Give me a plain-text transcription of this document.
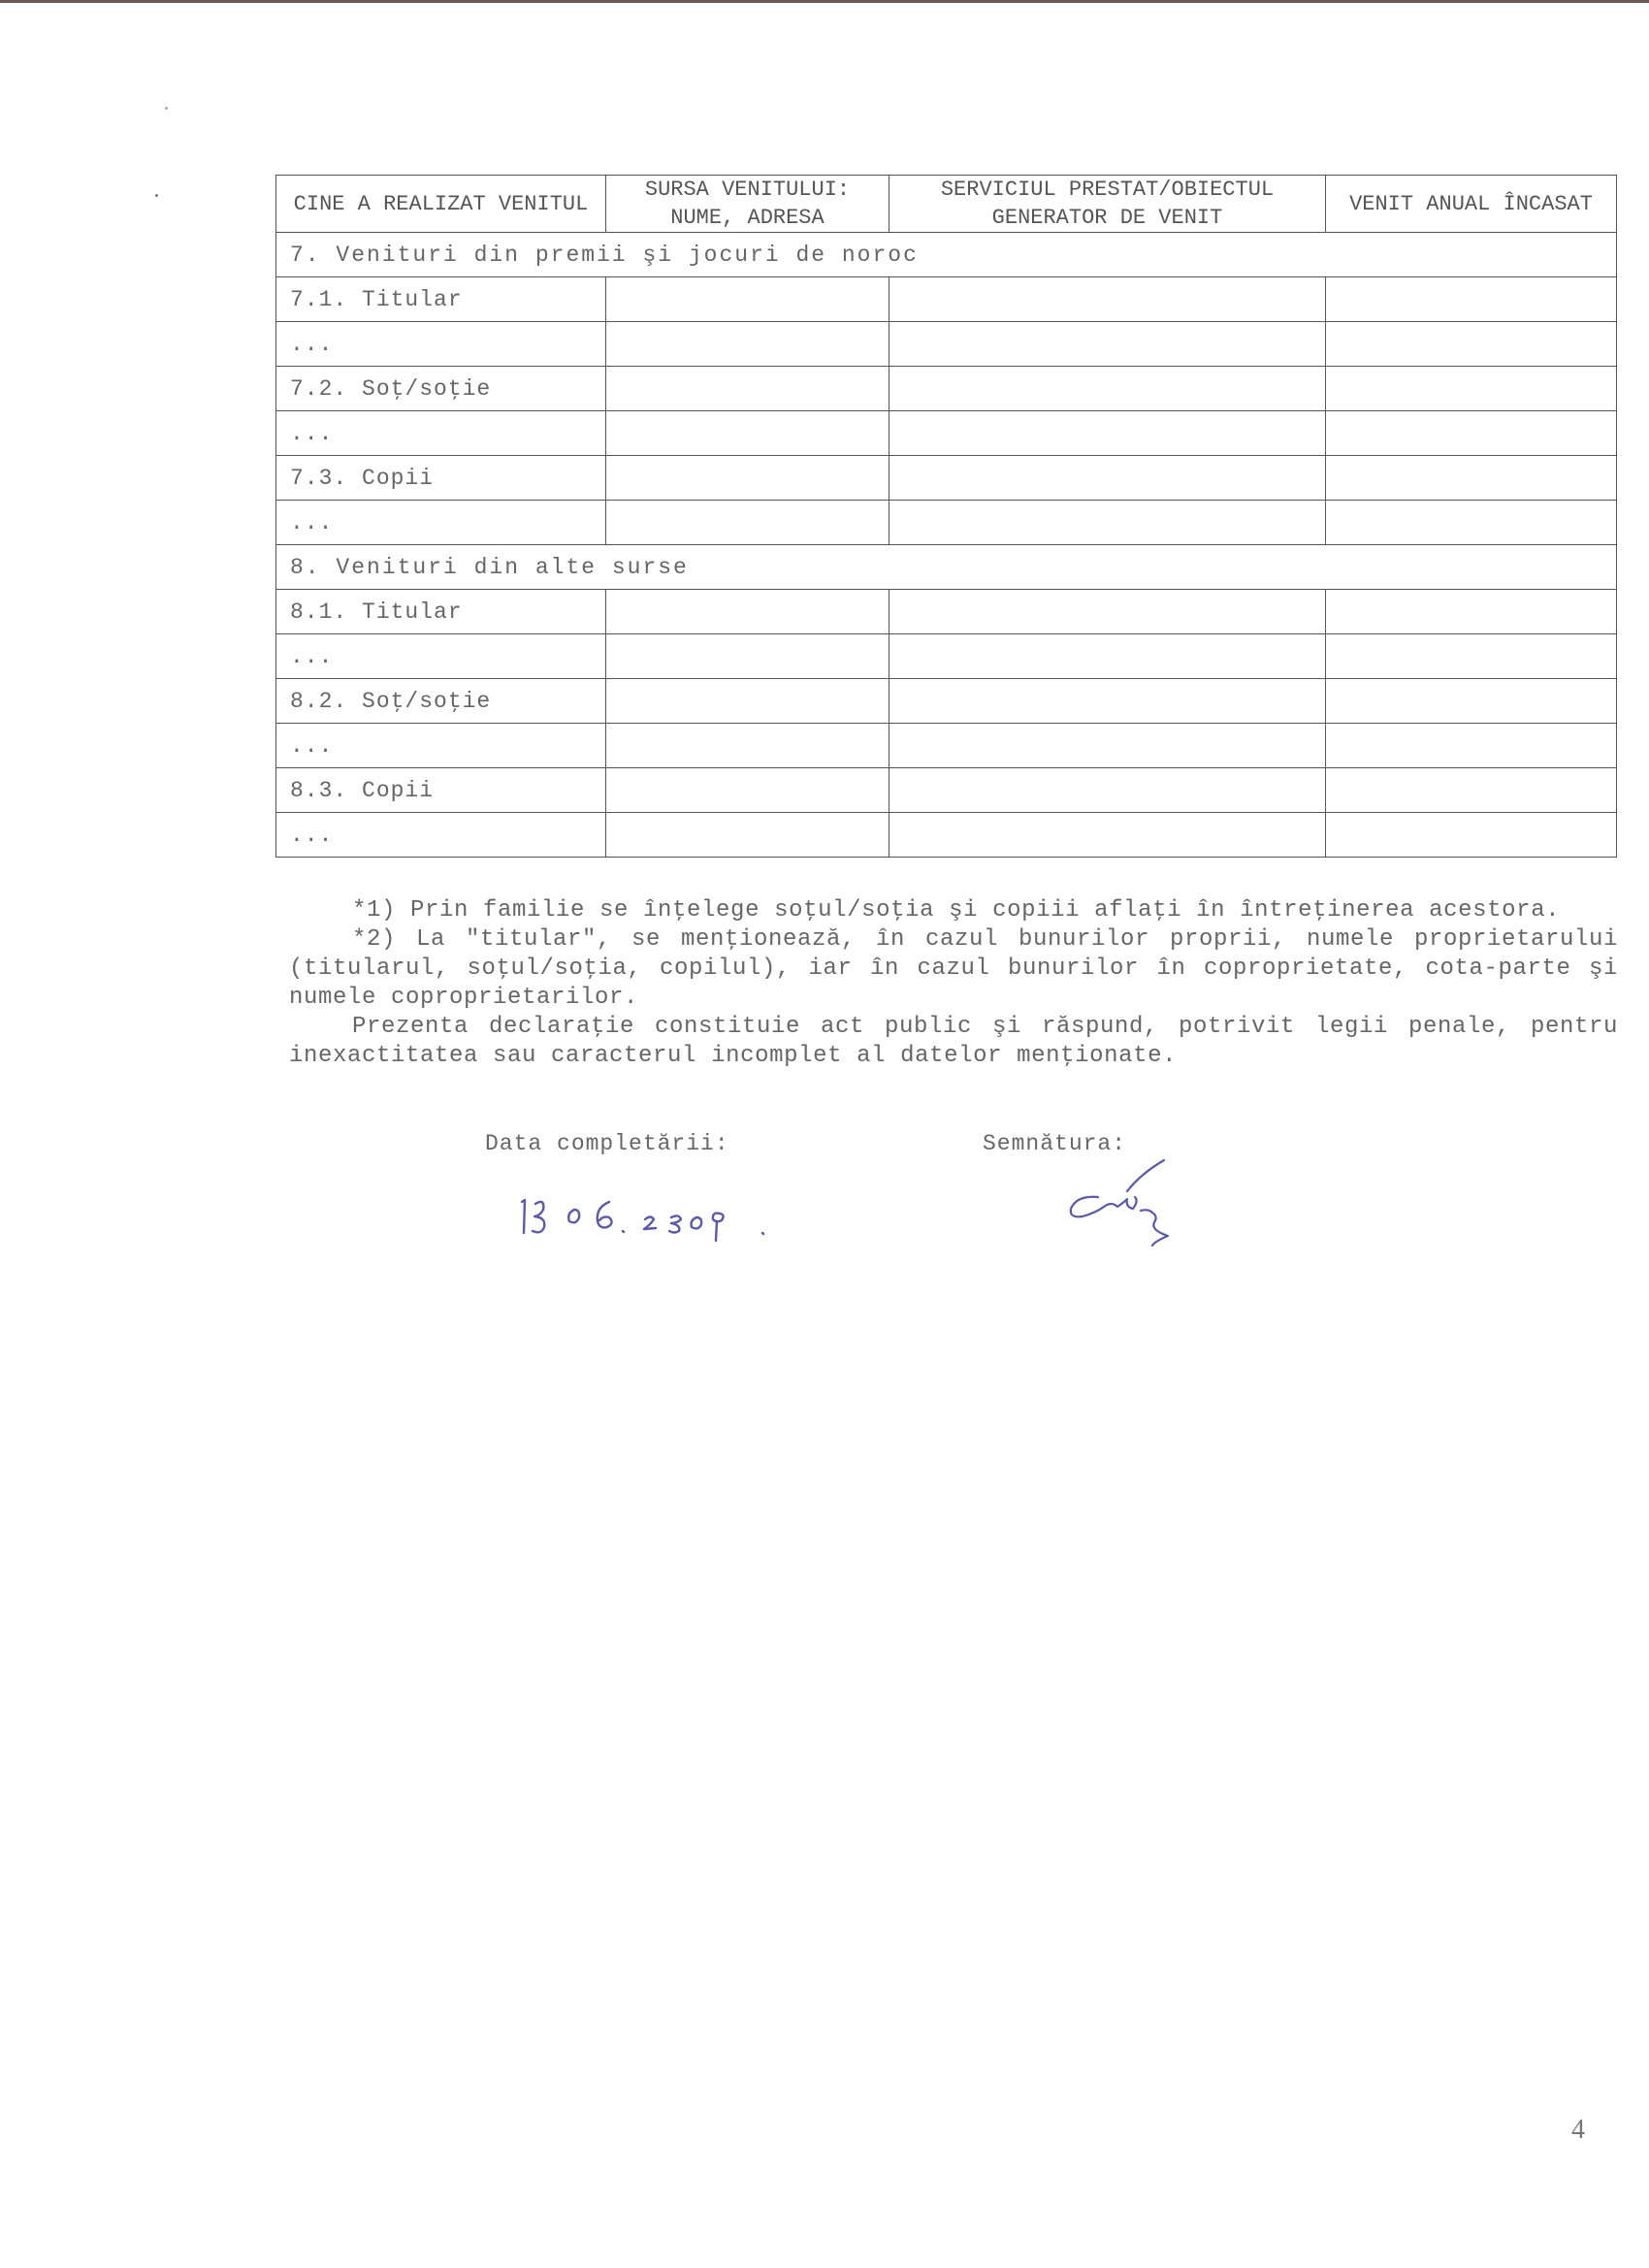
CINE A REALIZAT VENITUL	SURSA VENITULUI: NUME, ADRESA	SERVICIUL PRESTAT/OBIECTUL GENERATOR DE VENIT	VENIT ANUAL ÎNCASAT
7. Venituri din premii şi jocuri de noroc			
7.1. Titular			
...			
7.2. Soţ/soţie			
...			
7.3. Copii			
...			
8. Venituri din alte surse			
8.1. Titular			
...			
8.2. Soţ/soţie			
...			
8.3. Copii			
...			

*1) Prin familie se înţelege soţul/soţia şi copiii aflaţi în întreţinerea acestora.

*2) La "titular", se menţionează, în cazul bunurilor proprii, numele proprietarului (titularul, soţul/soţia, copilul), iar în cazul bunurilor în coproprietate, cota-parte şi numele coproprietarilor.

Prezenta declaraţie constituie act public şi răspund, potrivit legii penale, pentru inexactitatea sau caracterul incomplet al datelor menţionate.

Data completării:	Semnătura:
4
